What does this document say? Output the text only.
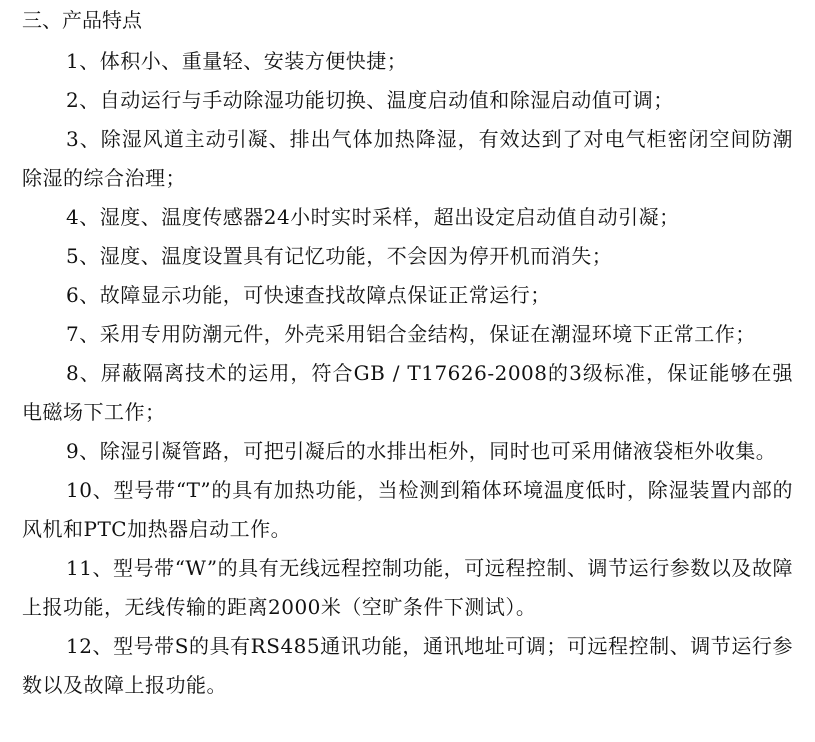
三、产品特点
1、体积小、重量轻、安装方便快捷；
2、自动运行与手动除湿功能切换、温度启动值和除湿启动值可调；
3、除湿风道主动引凝、排出气体加热降湿，有效达到了对电气柜密闭空间防潮除湿的综合治理；
4、湿度、温度传感器24小时实时采样，超出设定启动值自动引凝；
5、湿度、温度设置具有记忆功能，不会因为停开机而消失；
6、故障显示功能，可快速查找故障点保证正常运行；
7、采用专用防潮元件，外壳采用铝合金结构，保证在潮湿环境下正常工作；
8、屏蔽隔离技术的运用，符合GB / T17626-2008的3级标准，保证能够在强电磁场下工作；
9、除湿引凝管路，可把引凝后的水排出柜外，同时也可采用储液袋柜外收集。
10、型号带“T”的具有加热功能，当检测到箱体环境温度低时，除湿装置内部的风机和PTC加热器启动工作。
11、型号带“W”的具有无线远程控制功能，可远程控制、调节运行参数以及故障上报功能，无线传输的距离2000米（空旷条件下测试）。
12、型号带S的具有RS485通讯功能，通讯地址可调；可远程控制、调节运行参数以及故障上报功能。
